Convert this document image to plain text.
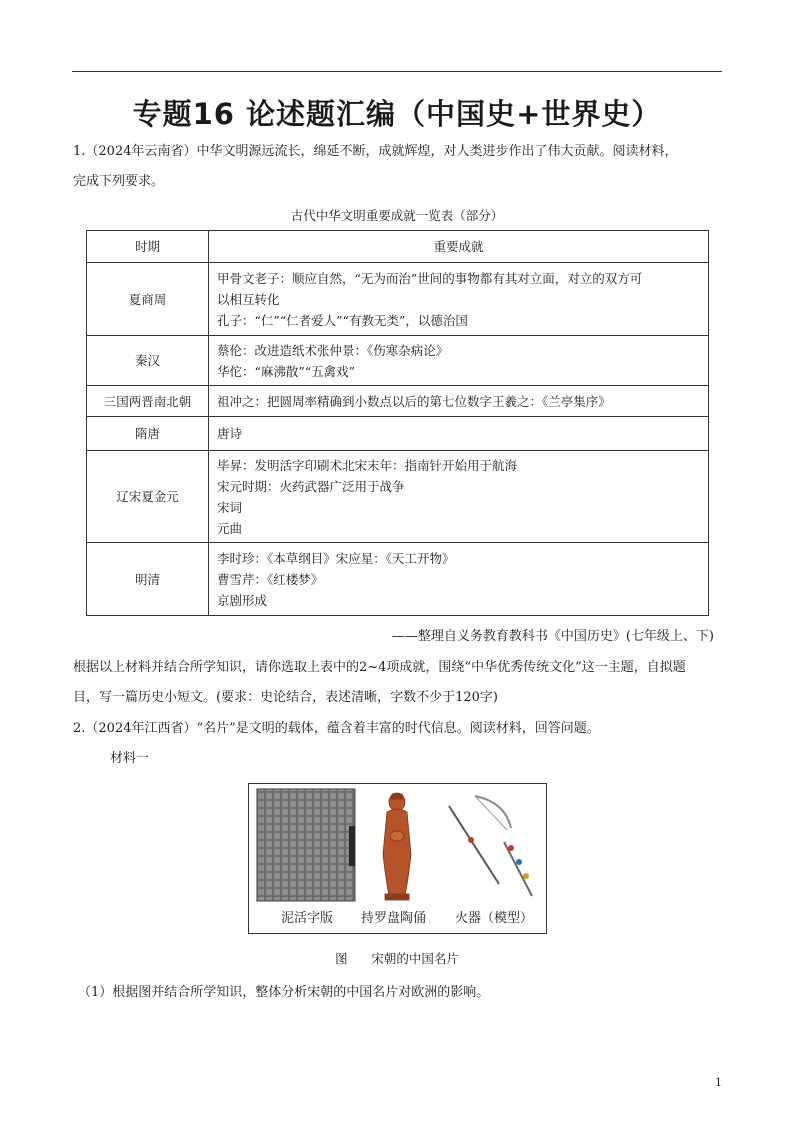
专题16 论述题汇编（中国史+世界史）
1.（2024年云南省）中华文明源远流长，绵延不断，成就辉煌，对人类进步作出了伟大贡献。阅读材料，
完成下列要求。
古代中华文明重要成就一览表（部分）
时期	重要成就
夏商周	甲骨文老子：顺应自然，“无为而治”世间的事物都有其对立面，对立的双方可
以相互转化
孔子：“仁”“仁者爱人”“有教无类”，以德治国

秦汉	蔡伦：改进造纸术张仲景：《伤寒杂病论》
华佗：“麻沸散”“五禽戏”

三国两晋南北朝	祖冲之：把圆周率精确到小数点以后的第七位数字王羲之：《兰亭集序》

隋唐	唐诗

辽宋夏金元	毕昇：发明活字印刷术北宋末年：指南针开始用于航海
宋元时期：火药武器广泛用于战争
宋词
元曲

明清	李时珍：《本草纲目》宋应星：《天工开物》
曹雪芹：《红楼梦》
京剧形成
——整理自义务教育教科书《中国历史》(七年级上、下)
根据以上材料并结合所学知识，请你选取上表中的2~4项成就，围绕“中华优秀传统文化”这一主题，自拟题
目，写一篇历史小短文。(要求：史论结合，表述清晰，字数不少于120字)
2.（2024年江西省）“名片”是文明的载体，蕴含着丰富的时代信息。阅读材料，回答问题。
材料一
泥活字版 持罗盘陶俑 火器（模型）
图      宋朝的中国名片
（1）根据图并结合所学知识，整体分析宋朝的中国名片对欧洲的影响。
1
